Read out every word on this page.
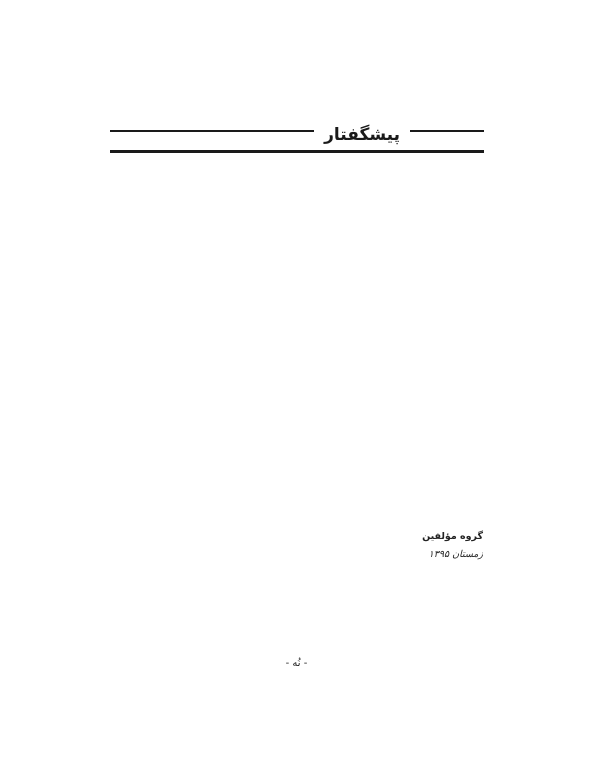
پیشگفتار

گروه مؤلفین
زمستان ۱۳۹۵
- نُه -
